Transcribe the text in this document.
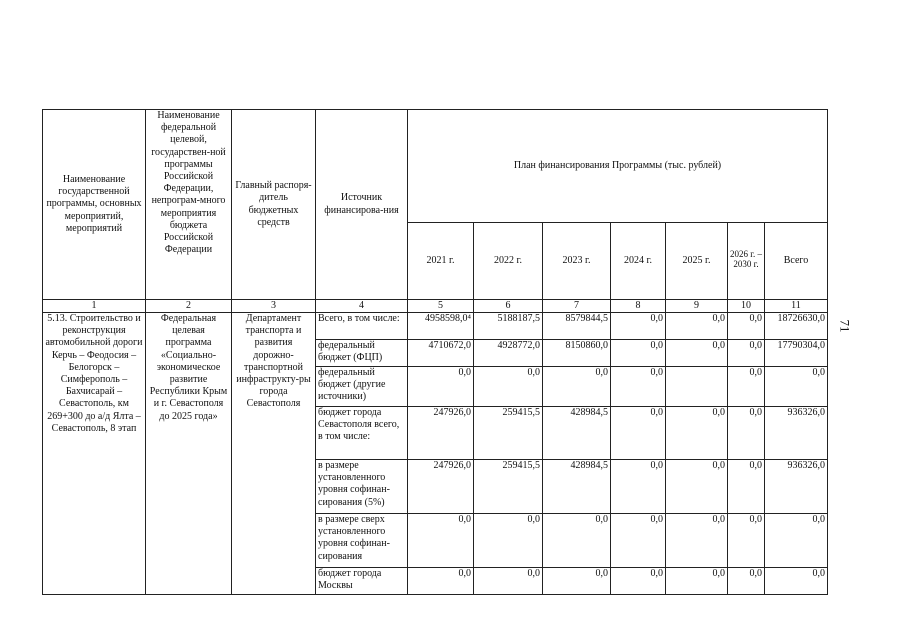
71
Наименование государственной программы, основных мероприятий, мероприятий	Наименование федеральной целевой, государствен-ной программы Российской Федерации, непрограм-много мероприятия бюджета Российской Федерации	Главный распоря-дитель бюджетных средств	Источник финансирова-ния	План финансирования Программы (тыс. рублей)						
				2021 г.	2022 г.	2023 г.	2024 г.	2025 г.	2026 г. – 2030 г.	Всего
1	2	3	4	5	6	7	8	9	10	11
5.13. Строительство и реконструкция автомобильной дороги Керчь – Феодосия – Белогорск – Симферополь – Бахчисарай – Севастополь, км 269+300 до а/д Ялта – Севастополь, 8 этап	Федеральная целевая программа «Социально-экономическое развитие Республики Крым и г. Севастополя до 2025 года»	Департамент транспорта и развития дорожно-транспортной инфраструкту-ры города Севастополя	Всего, в том числе:	4958598,0⁴	5188187,5	8579844,5	0,0	0,0	0,0	18726630,0
			федеральный бюджет (ФЦП)	4710672,0	4928772,0	8150860,0	0,0	0,0	0,0	17790304,0
			федеральный бюджет (другие источники)	0,0	0,0	0,0	0,0		0,0	0,0
			бюджет города Севастополя всего, в том числе:	247926,0	259415,5	428984,5	0,0	0,0	0,0	936326,0
			в размере установленного уровня софинан-сирования (5%)	247926,0	259415,5	428984,5	0,0	0,0	0,0	936326,0
			в размере сверх установленного уровня софинан-сирования	0,0	0,0	0,0	0,0	0,0	0,0	0,0
			бюджет города Москвы	0,0	0,0	0,0	0,0	0,0	0,0	0,0
